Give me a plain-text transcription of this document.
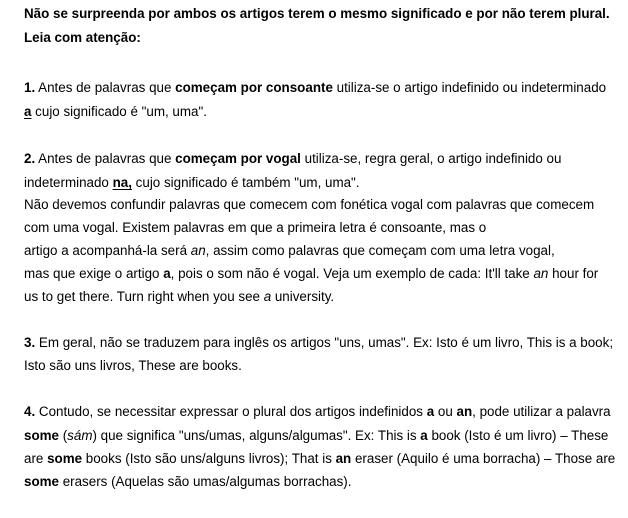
Não se surpreenda por ambos os artigos terem o mesmo significado e por não terem plural.
Leia com atenção:
1. Antes de palavras que começam por consoante utiliza-se o artigo indefinido ou indeterminado
a cujo significado é "um, uma".
2. Antes de palavras que começam por vogal utiliza-se, regra geral, o artigo indefinido ou
indeterminado na, cujo significado é também "um, uma".
Não devemos confundir palavras que comecem com fonética vogal com palavras que comecem
com uma vogal. Existem palavras em que a primeira letra é consoante, mas o
artigo a acompanhá-la será an, assim como palavras que começam com uma letra vogal,
mas que exige o artigo a, pois o som não é vogal. Veja um exemplo de cada: It'll take an hour for
us to get there. Turn right when you see a university.
3. Em geral, não se traduzem para inglês os artigos "uns, umas". Ex: Isto é um livro, This is a book;
Isto são uns livros, These are books.
4. Contudo, se necessitar expressar o plural dos artigos indefinidos a ou an, pode utilizar a palavra
some (sám) que significa "uns/umas, alguns/algumas". Ex: This is a book (Isto é um livro) – These
are some books (Isto são uns/alguns livros); That is an eraser (Aquilo é uma borracha) – Those are
some erasers (Aquelas são umas/algumas borrachas).
